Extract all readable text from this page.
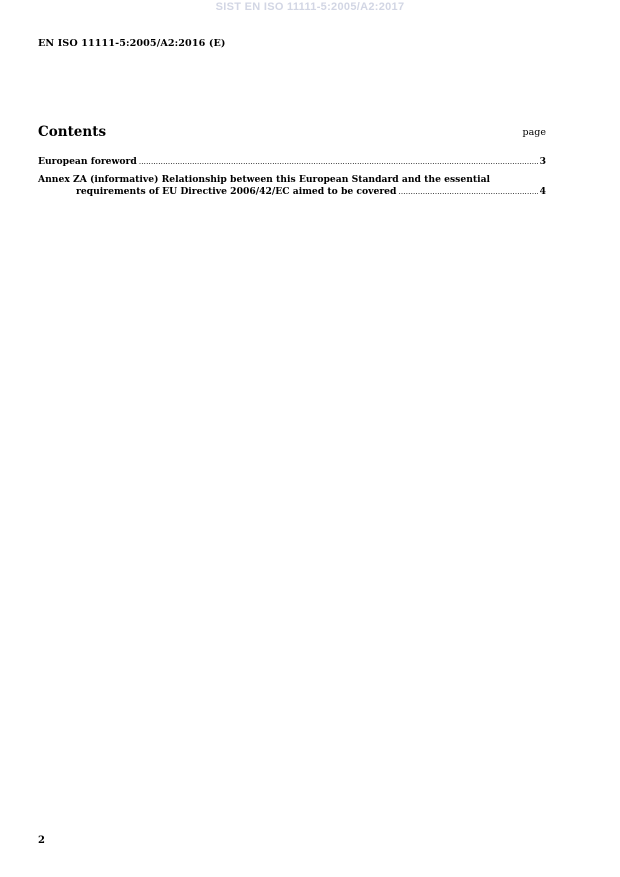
SIST EN ISO 11111-5:2005/A2:2017
EN ISO 11111-5:2005/A2:2016 (E)
Contents	page
European foreword .....	3
Annex ZA (informative) Relationship between this European Standard and the essential
requirements of EU Directive 2006/42/EC aimed to be covered .....	4
2
